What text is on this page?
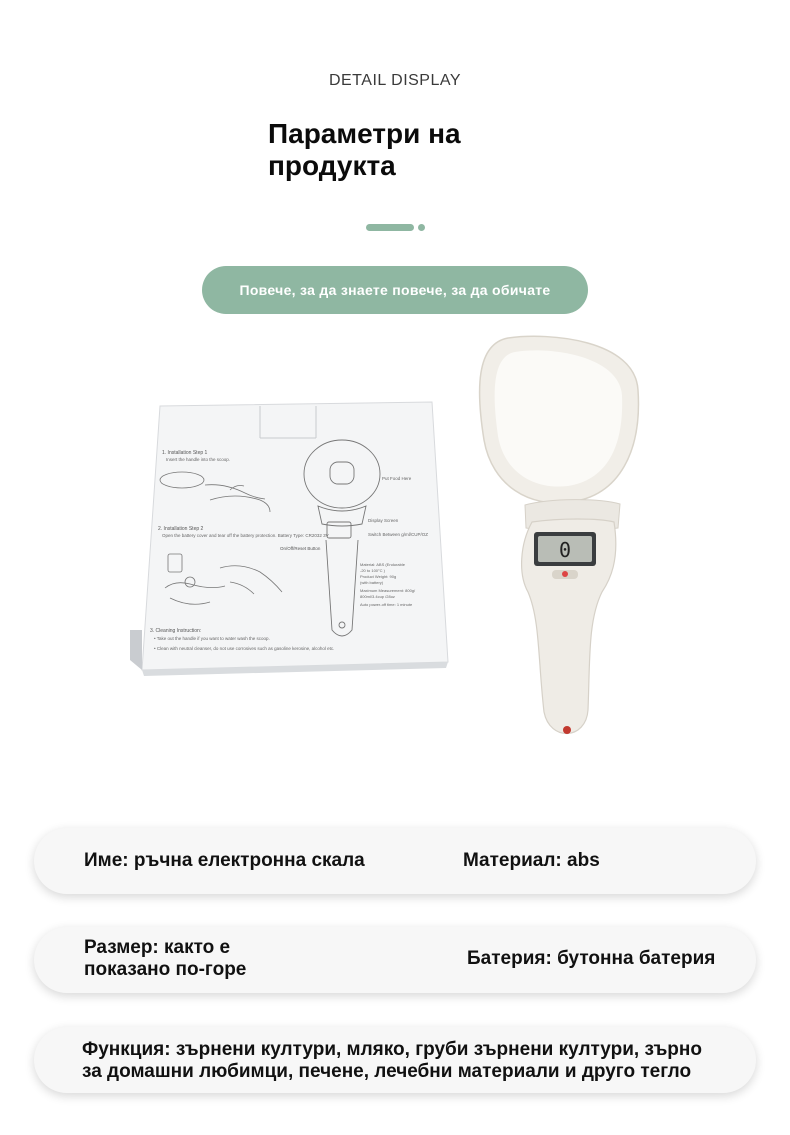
DETAIL DISPLAY
Параметри на
продукта
Повече, за да знаете повече, за да обичате
1. Installation Step 1
Insert the handle into the scoop.
2. Installation Step 2
Open the battery cover and tear off the battery protection. Battery Type: CR2032 3V
3. Cleaning Instruction:
• Take out the handle if you want to water wash the scoop.
• Clean with neutral cleanser, do not use corrosives such as gasoline kerosine, alcohol etc.
Put Food Here
Display Screen
Switch Between g/ml/CUP/OZ
On/Off/Reset Button
Material: ABS (Endurable
-20 to 100°C )
Product Weight: 90g
(with battery)
Maximum Measurement: 800g/
800ml/3.4cup /28oz
Auto power-off time: 1 minute
0
Име: ръчна електронна скала	Материал: abs
Размер: както е
показано по-горе
Батерия: бутонна батерия
Функция: зърнени култури, мляко, груби зърнени култури, зърно
за домашни любимци, печене, лечебни материали и друго тегло
